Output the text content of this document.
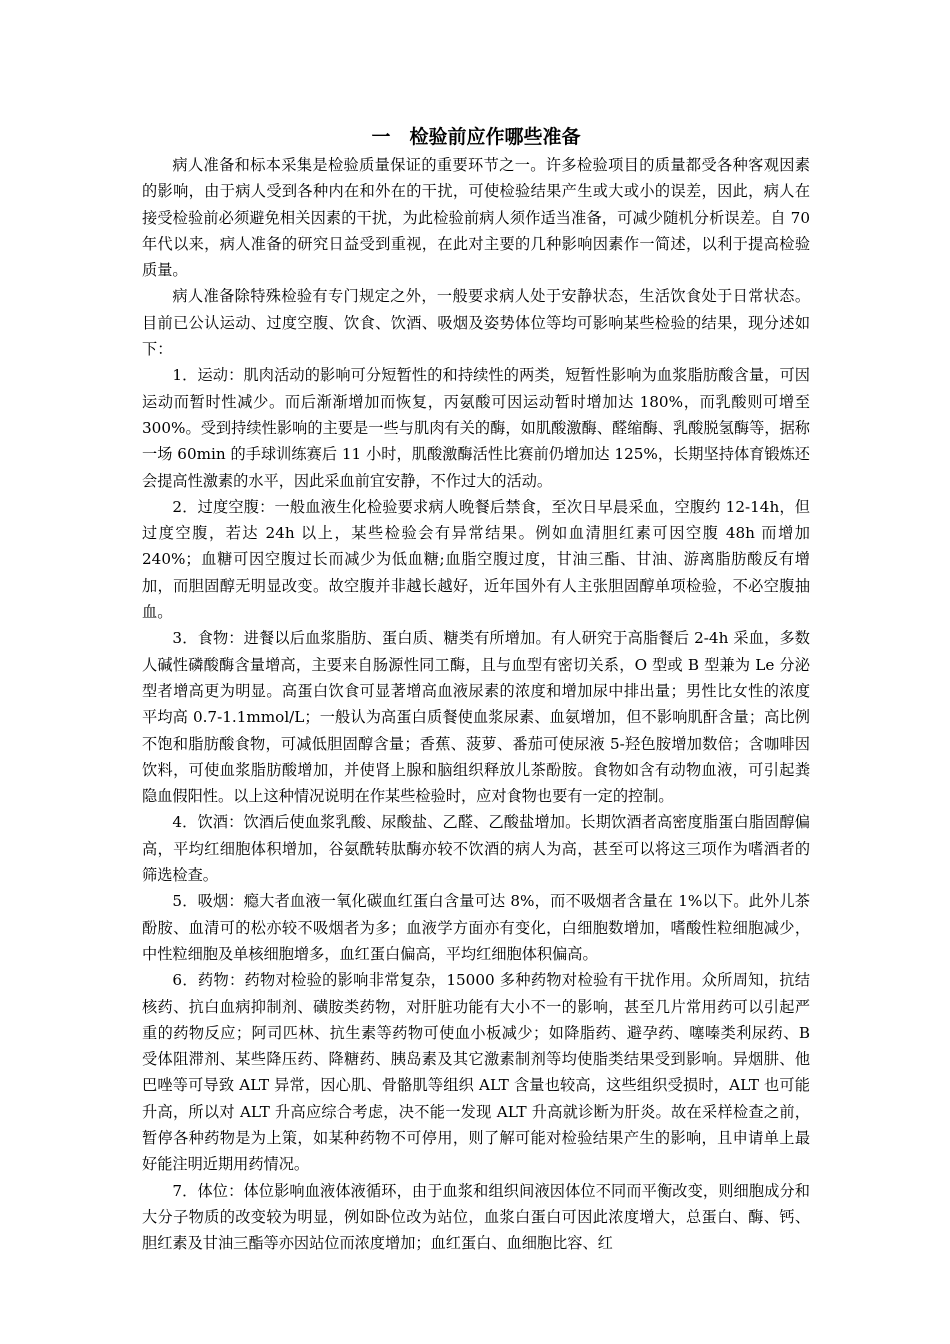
一　检验前应作哪些准备

病人准备和标本采集是检验质量保证的重要环节之一。许多检验项目的质量都受各种客观因素的影响，由于病人受到各种内在和外在的干扰，可使检验结果产生或大或小的误差，因此，病人在接受检验前必须避免相关因素的干扰，为此检验前病人须作适当准备，可减少随机分析误差。自 70 年代以来，病人准备的研究日益受到重视，在此对主要的几种影响因素作一简述，以利于提高检验质量。

病人准备除特殊检验有专门规定之外，一般要求病人处于安静状态，生活饮食处于日常状态。目前已公认运动、过度空腹、饮食、饮酒、吸烟及姿势体位等均可影响某些检验的结果，现分述如下：

1．运动：肌肉活动的影响可分短暂性的和持续性的两类，短暂性影响为血浆脂肪酸含量，可因运动而暂时性减少。而后渐渐增加而恢复，丙氨酸可因运动暂时增加达 180%，而乳酸则可增至 300%。受到持续性影响的主要是一些与肌肉有关的酶，如肌酸激酶、醛缩酶、乳酸脱氢酶等，据称一场 60min 的手球训练赛后 11 小时，肌酸激酶活性比赛前仍增加达 125%，长期坚持体育锻炼还会提高性激素的水平，因此采血前宜安静，不作过大的活动。

2．过度空腹：一般血液生化检验要求病人晚餐后禁食，至次日早晨采血，空腹约 12-14h，但过度空腹，若达 24h 以上，某些检验会有异常结果。例如血清胆红素可因空腹 48h 而增加 240%；血糖可因空腹过长而减少为低血糖;血脂空腹过度，甘油三酯、甘油、游离脂肪酸反有增加，而胆固醇无明显改变。故空腹并非越长越好，近年国外有人主张胆固醇单项检验，不必空腹抽血。

3．食物：进餐以后血浆脂肪、蛋白质、糖类有所增加。有人研究于高脂餐后 2-4h 采血，多数人碱性磷酸酶含量增高，主要来自肠源性同工酶，且与血型有密切关系，O 型或 B 型兼为 Le 分泌型者增高更为明显。高蛋白饮食可显著增高血液尿素的浓度和增加尿中排出量；男性比女性的浓度平均高 0.7-1.1mmol/L；一般认为高蛋白质餐使血浆尿素、血氨增加，但不影响肌酐含量；高比例不饱和脂肪酸食物，可减低胆固醇含量；香蕉、菠萝、番茄可使尿液 5-羟色胺增加数倍；含咖啡因饮料，可使血浆脂肪酸增加，并使肾上腺和脑组织释放儿茶酚胺。食物如含有动物血液，可引起粪隐血假阳性。以上这种情况说明在作某些检验时，应对食物也要有一定的控制。

4．饮酒：饮酒后使血浆乳酸、尿酸盐、乙醛、乙酸盐增加。长期饮酒者高密度脂蛋白脂固醇偏高，平均红细胞体积增加，谷氨酰转肽酶亦较不饮酒的病人为高，甚至可以将这三项作为嗜酒者的筛选检查。

5．吸烟：瘾大者血液一氧化碳血红蛋白含量可达 8%，而不吸烟者含量在 1%以下。此外儿茶酚胺、血清可的松亦较不吸烟者为多；血液学方面亦有变化，白细胞数增加，嗜酸性粒细胞减少，中性粒细胞及单核细胞增多，血红蛋白偏高，平均红细胞体积偏高。

6．药物：药物对检验的影响非常复杂，15000 多种药物对检验有干扰作用。众所周知，抗结核药、抗白血病抑制剂、磺胺类药物，对肝脏功能有大小不一的影响，甚至几片常用药可以引起严重的药物反应；阿司匹林、抗生素等药物可使血小板减少；如降脂药、避孕药、噻嗪类利尿药、B 受体阻滞剂、某些降压药、降糖药、胰岛素及其它激素制剂等均使脂类结果受到影响。异烟肼、他巴唑等可导致 ALT 异常，因心肌、骨骼肌等组织 ALT 含量也较高，这些组织受损时，ALT 也可能升高，所以对 ALT 升高应综合考虑，决不能一发现 ALT 升高就诊断为肝炎。故在采样检查之前，暂停各种药物是为上策，如某种药物不可停用，则了解可能对检验结果产生的影响，且申请单上最好能注明近期用药情况。

7．体位：体位影响血液体液循环，由于血浆和组织间液因体位不同而平衡改变，则细胞成分和大分子物质的改变较为明显，例如卧位改为站位，血浆白蛋白可因此浓度增大，总蛋白、酶、钙、胆红素及甘油三酯等亦因站位而浓度增加；血红蛋白、血细胞比容、红
